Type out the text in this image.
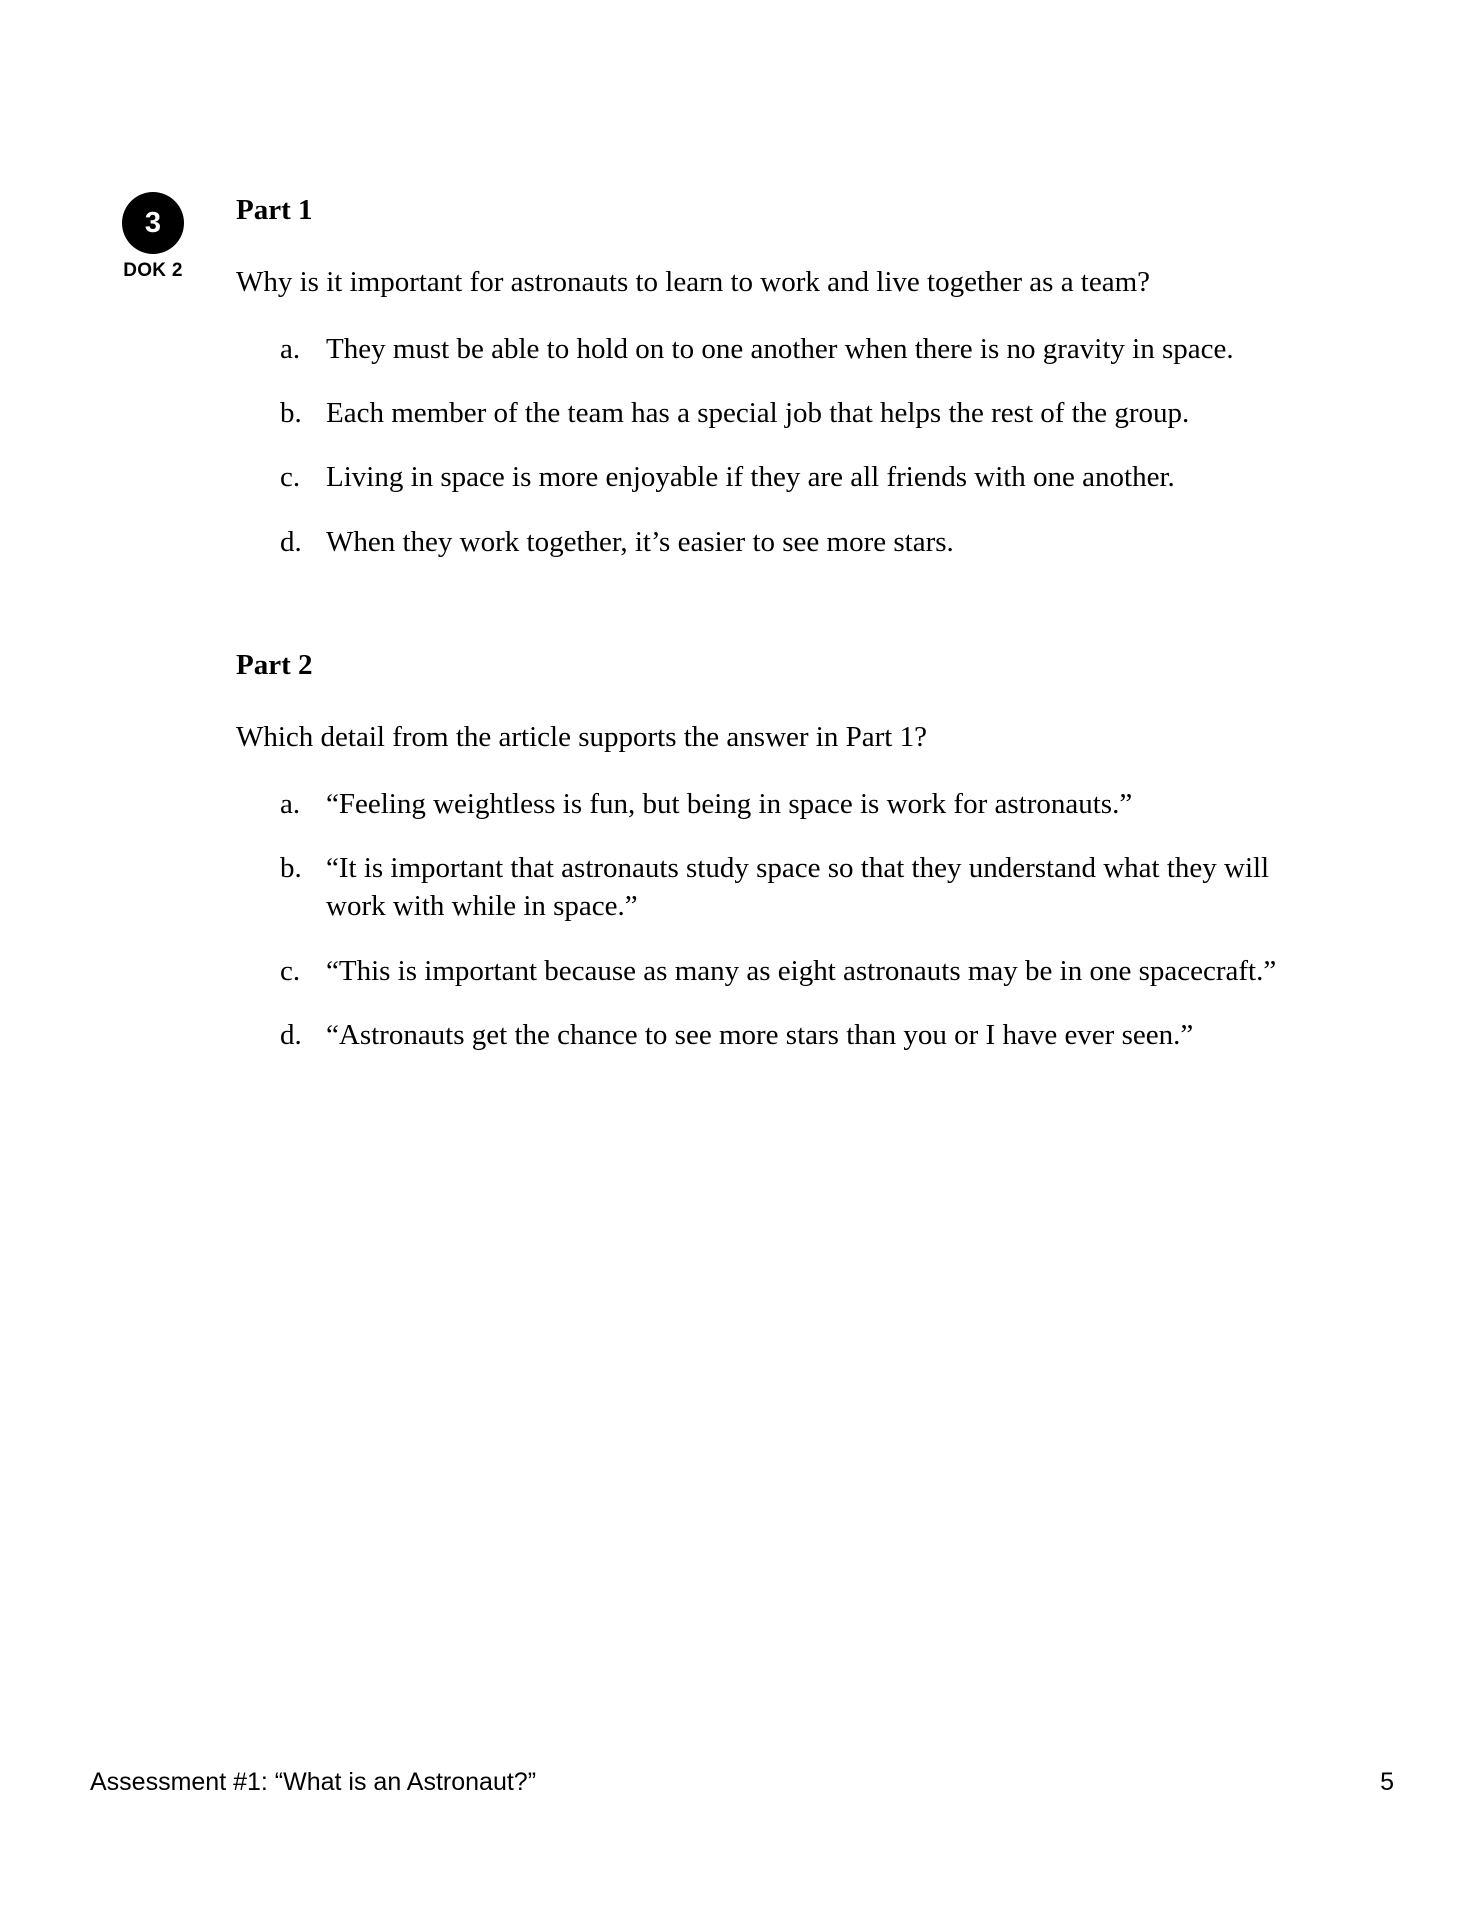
3
DOK 2

Part 1

Why is it important for astronauts to learn to work and live together as a team?

a. They must be able to hold on to one another when there is no gravity in space.
b. Each member of the team has a special job that helps the rest of the group.
c. Living in space is more enjoyable if they are all friends with one another.
d. When they work together, it’s easier to see more stars.

Part 2

Which detail from the article supports the answer in Part 1?

a. “Feeling weightless is fun, but being in space is work for astronauts.”
b. “It is important that astronauts study space so that they understand what they will work with while in space.”
c. “This is important because as many as eight astronauts may be in one spacecraft.”
d. “Astronauts get the chance to see more stars than you or I have ever seen.”
Assessment #1: “What is an Astronaut?”	5
